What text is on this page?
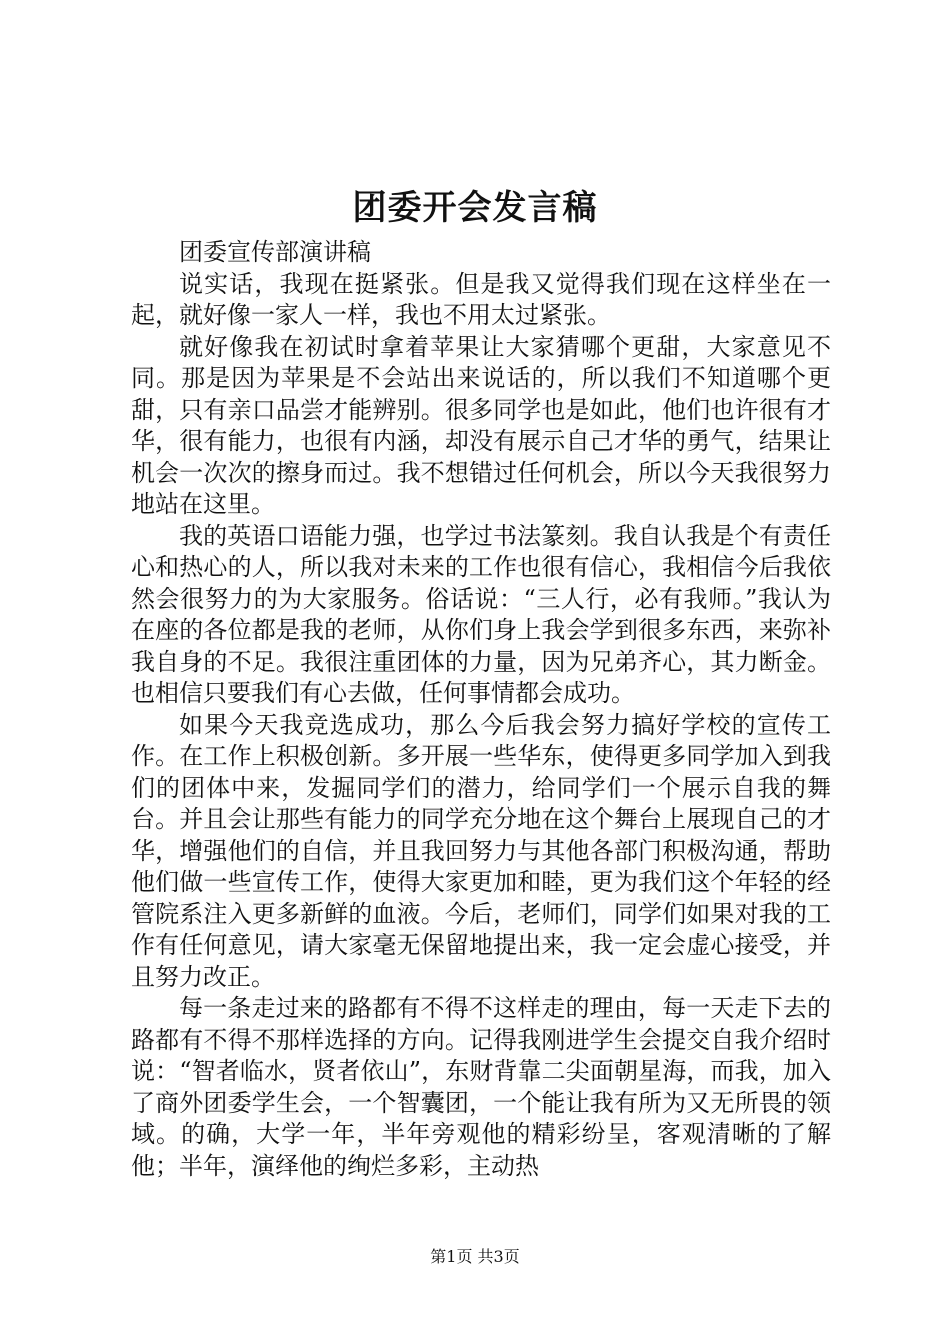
团委开会发言稿

团委宣传部演讲稿

说实话，我现在挺紧张。但是我又觉得我们现在这样坐在一起，就好像一家人一样，我也不用太过紧张。

就好像我在初试时拿着苹果让大家猜哪个更甜，大家意见不同。那是因为苹果是不会站出来说话的，所以我们不知道哪个更甜，只有亲口品尝才能辨别。很多同学也是如此，他们也许很有才华，很有能力，也很有内涵，却没有展示自己才华的勇气，结果让机会一次次的擦身而过。我不想错过任何机会，所以今天我很努力地站在这里。

我的英语口语能力强，也学过书法篆刻。我自认我是个有责任心和热心的人，所以我对未来的工作也很有信心，我相信今后我依然会很努力的为大家服务。俗话说：“三人行，必有我师。”我认为在座的各位都是我的老师，从你们身上我会学到很多东西，来弥补我自身的不足。我很注重团体的力量，因为兄弟齐心，其力断金。也相信只要我们有心去做，任何事情都会成功。

如果今天我竞选成功，那么今后我会努力搞好学校的宣传工作。在工作上积极创新。多开展一些华东，使得更多同学加入到我们的团体中来，发掘同学们的潜力，给同学们一个展示自我的舞台。并且会让那些有能力的同学充分地在这个舞台上展现自己的才华，增强他们的自信，并且我回努力与其他各部门积极沟通，帮助他们做一些宣传工作，使得大家更加和睦，更为我们这个年轻的经管院系注入更多新鲜的血液。今后，老师们，同学们如果对我的工作有任何意见，请大家毫无保留地提出来，我一定会虚心接受，并且努力改正。

每一条走过来的路都有不得不这样走的理由，每一天走下去的路都有不得不那样选择的方向。记得我刚进学生会提交自我介绍时说：“智者临水，贤者依山”，东财背靠二尖面朝星海，而我，加入了商外团委学生会，一个智囊团，一个能让我有所为又无所畏的领域。的确，大学一年，半年旁观他的精彩纷呈，客观清晰的了解他；半年，演绎他的绚烂多彩，主动热

第1页 共3页
